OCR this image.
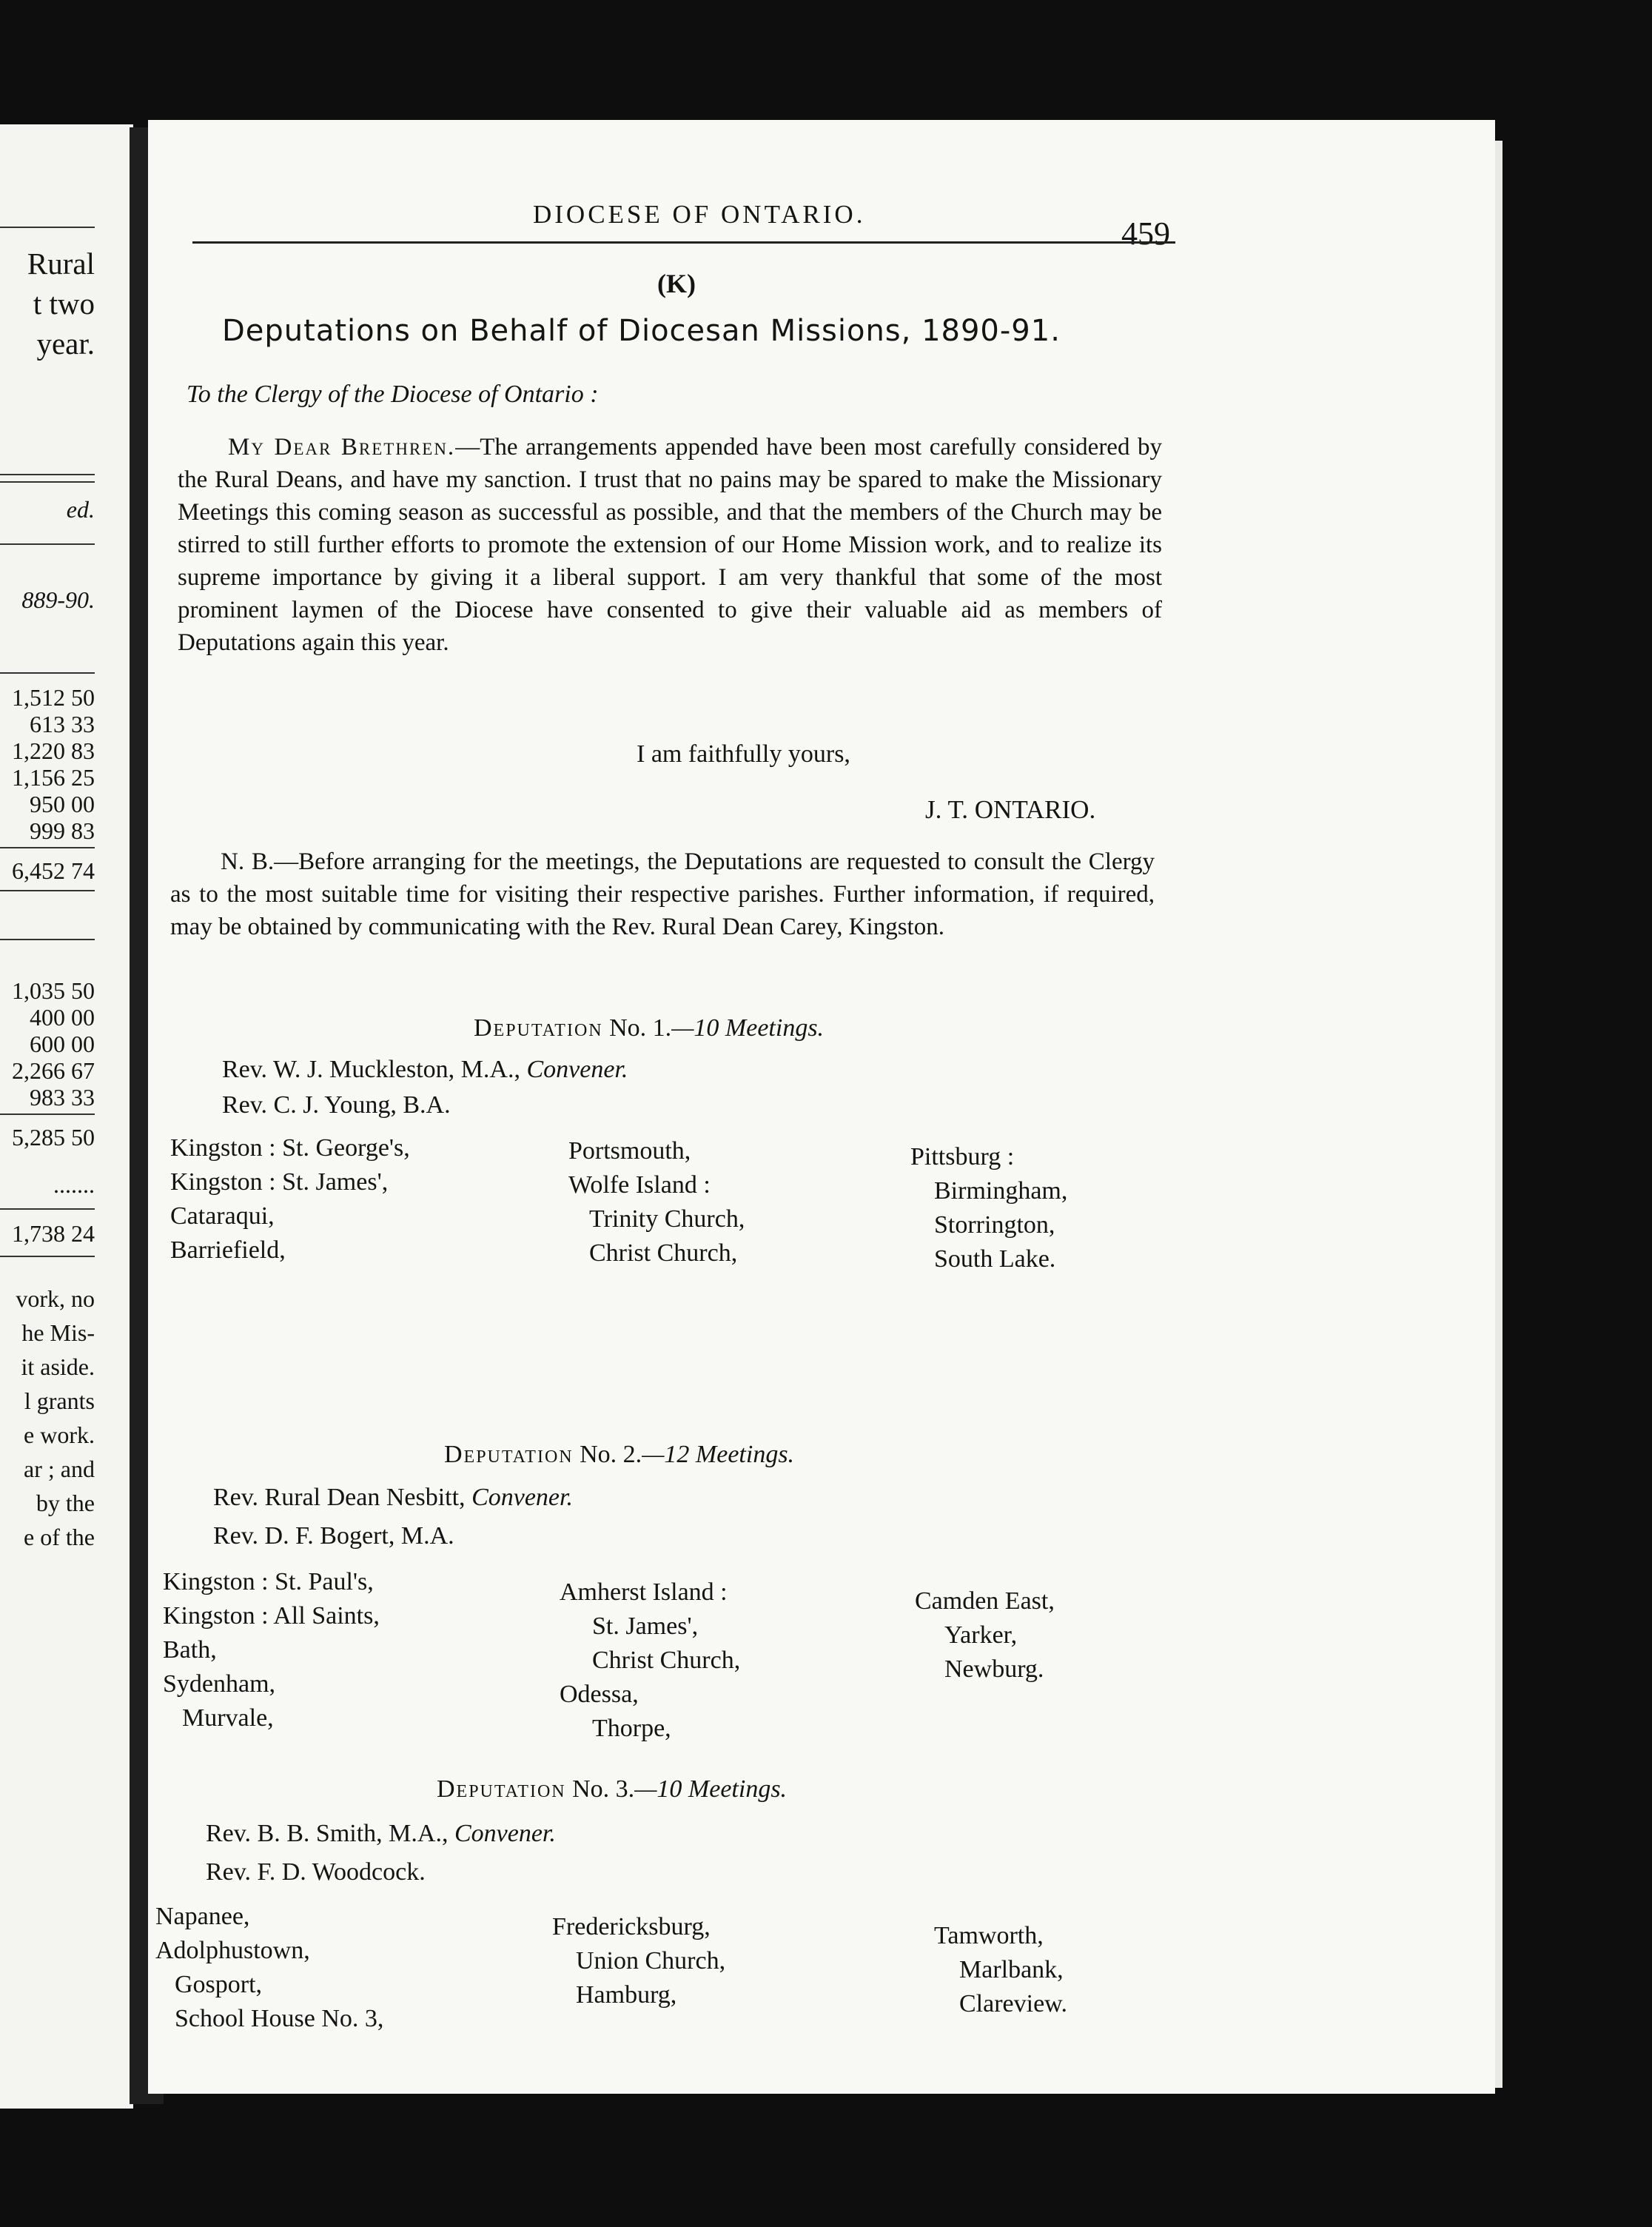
Rural
t two
year.
ed.
889-90.
1,512 50
613 33
1,220 83
1,156 25
950 00
999 83
6,452 74
1,035 50
400 00
600 00
2,266 67
983 33
5,285 50
.......
1,738 24
vork, no
he Mis-
it aside.
l grants
e work.
ar ; and
by the
e of the
DIOCESE OF ONTARIO.
459
(K)
Deputations on Behalf of Diocesan Missions, 1890-91.
To the Clergy of the Diocese of Ontario :
My Dear Brethren.—The arrangements appended have been most carefully considered by the Rural Deans, and have my sanction. I trust that no pains may be spared to make the Missionary Meetings this coming season as successful as possible, and that the members of the Church may be stirred to still further efforts to promote the extension of our Home Mission work, and to realize its supreme importance by giving it a liberal support. I am very thankful that some of the most prominent laymen of the Diocese have consented to give their valuable aid as members of Deputations again this year.
I am faithfully yours,
J. T. ONTARIO.
N. B.—Before arranging for the meetings, the Deputations are requested to consult the Clergy as to the most suitable time for visiting their respective parishes. Further information, if required, may be obtained by communicating with the Rev. Rural Dean Carey, Kingston.
Deputation No. 1.—10 Meetings.
Rev. W. J. Muckleston, M.A., Convener.
Rev. C. J. Young, B.A.
Kingston : St. George's,
Kingston : St. James',
Cataraqui,
Barriefield,
Portsmouth,
Wolfe Island :
Trinity Church,
Christ Church,
Pittsburg :
Birmingham,
Storrington,
South Lake.
Deputation No. 2.—12 Meetings.
Rev. Rural Dean Nesbitt, Convener.
Rev. D. F. Bogert, M.A.
Kingston : St. Paul's,
Kingston : All Saints,
Bath,
Sydenham,
Murvale,
Amherst Island :
St. James',
Christ Church,
Odessa,
Thorpe,
Camden East,
Yarker,
Newburg.
Deputation No. 3.—10 Meetings.
Rev. B. B. Smith, M.A., Convener.
Rev. F. D. Woodcock.
Napanee,
Adolphustown,
Gosport,
School House No. 3,
Fredericksburg,
Union Church,
Hamburg,
Tamworth,
Marlbank,
Clareview.
